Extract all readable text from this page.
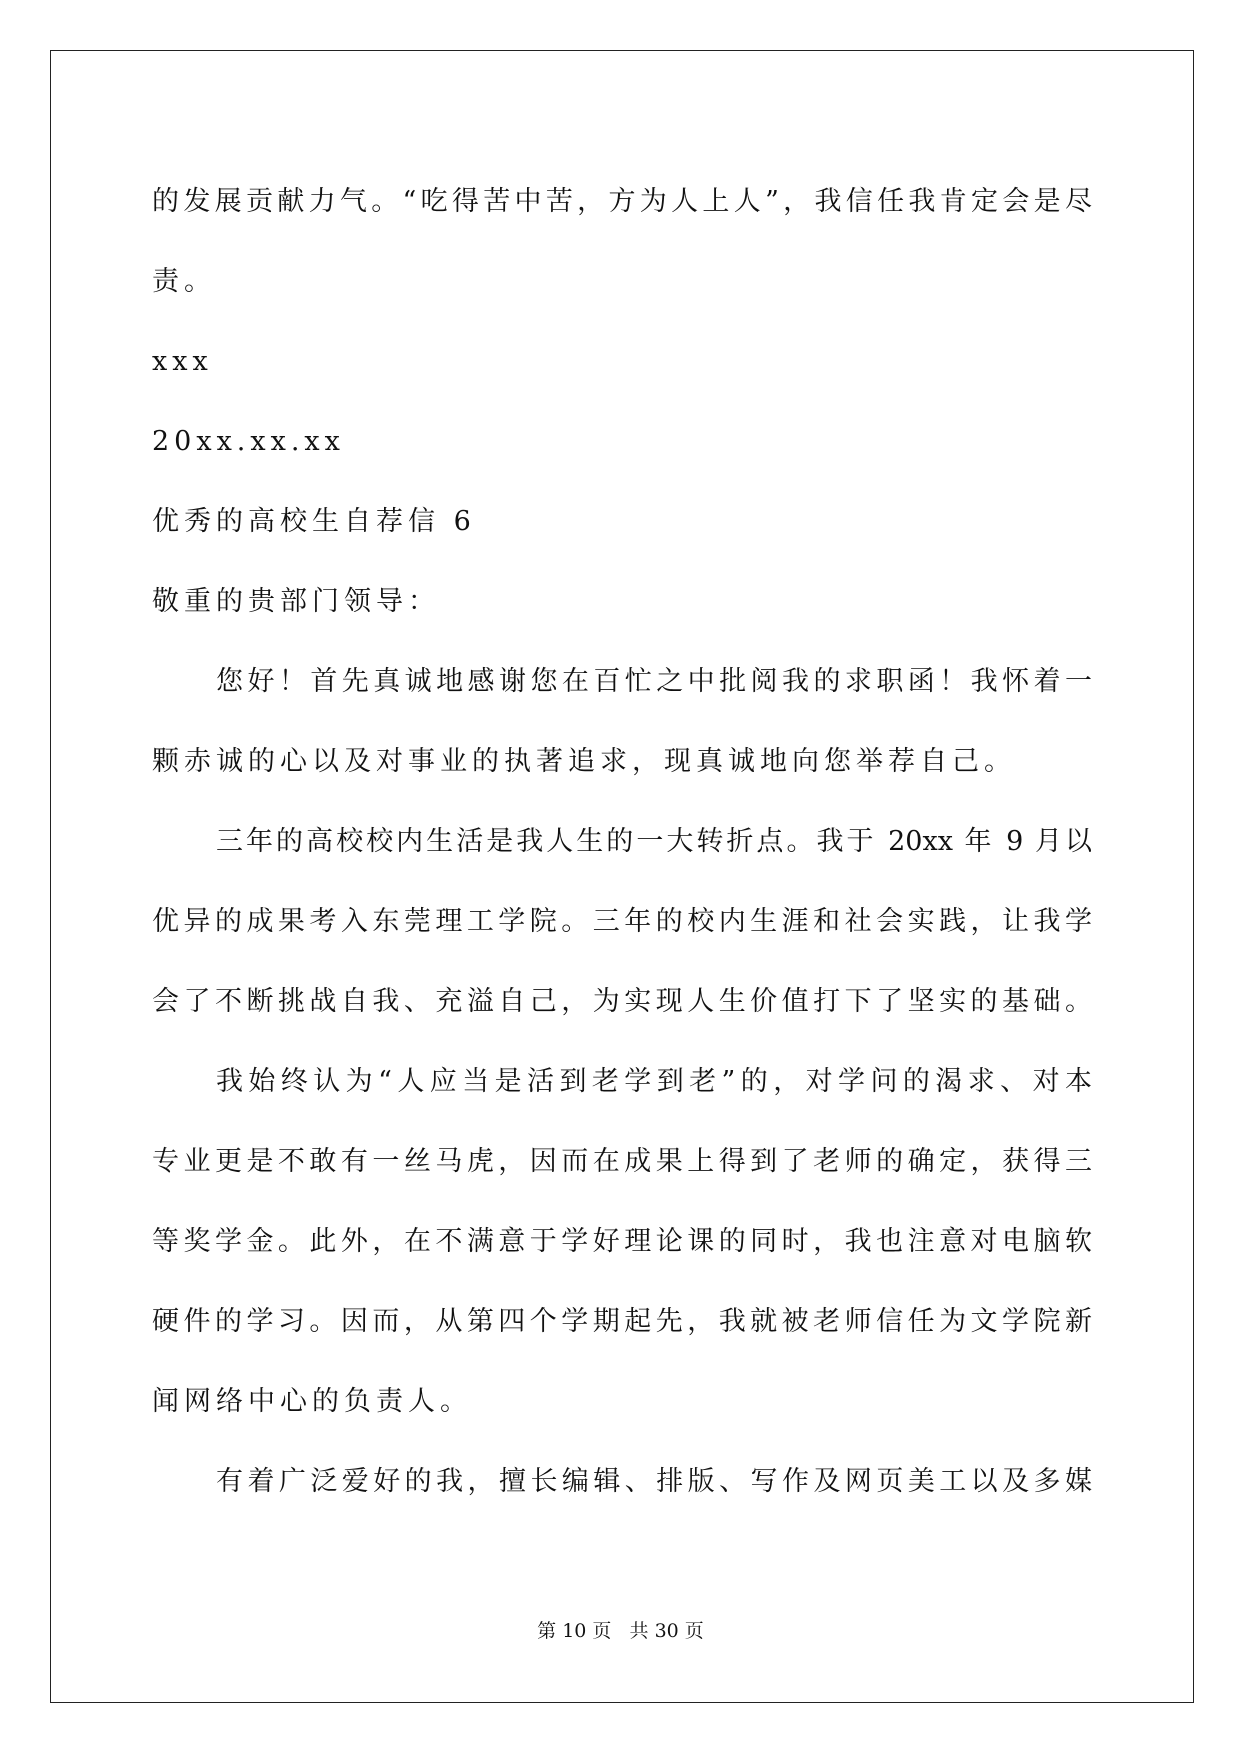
的发展贡献力气。“吃得苦中苦，方为人上人”，我信任我肯定会是尽
责。
xxx
20xx.xx.xx
优秀的高校生自荐信 6
敬重的贵部门领导：
您好！首先真诚地感谢您在百忙之中批阅我的求职函！我怀着一
颗赤诚的心以及对事业的执著追求，现真诚地向您举荐自己。
三年的高校校内生活是我人生的一大转折点。我于 20xx 年 9 月以
优异的成果考入东莞理工学院。三年的校内生涯和社会实践，让我学
会了不断挑战自我、充溢自己，为实现人生价值打下了坚实的基础。
我始终认为“人应当是活到老学到老”的，对学问的渴求、对本
专业更是不敢有一丝马虎，因而在成果上得到了老师的确定，获得三
等奖学金。此外，在不满意于学好理论课的同时，我也注意对电脑软
硬件的学习。因而，从第四个学期起先，我就被老师信任为文学院新
闻网络中心的负责人。
有着广泛爱好的我，擅长编辑、排版、写作及网页美工以及多媒
第 10 页   共 30 页
